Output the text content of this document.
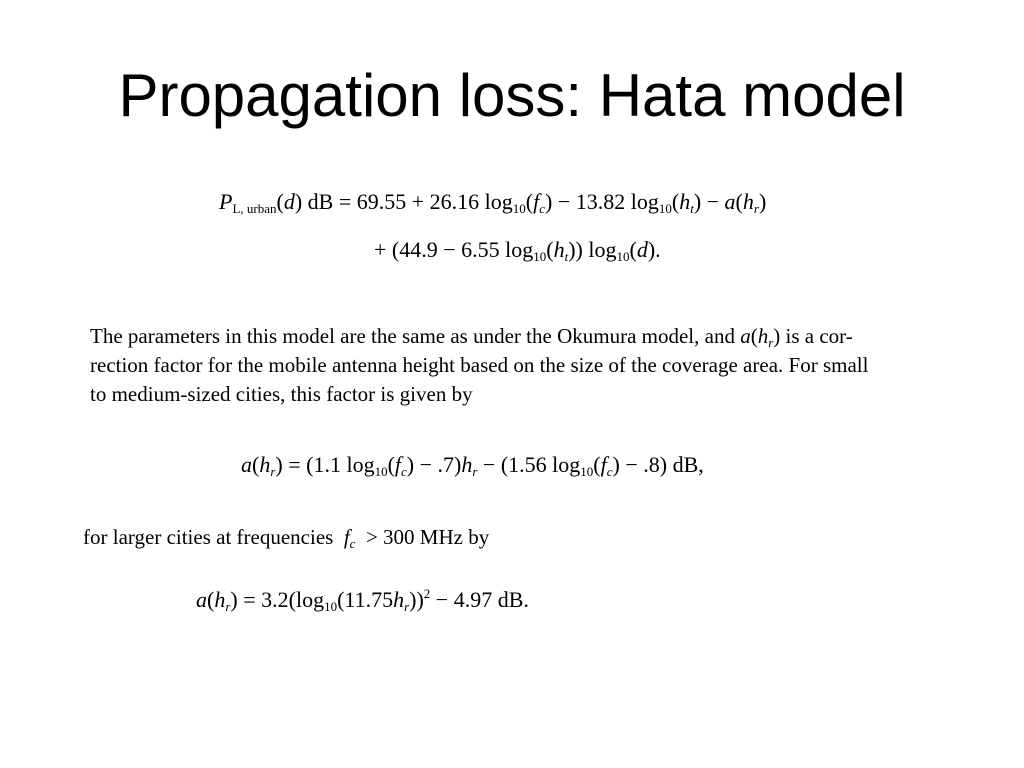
Propagation loss: Hata model
$P_{L, urban}(d)$ dB = 69.55 + 26.16 $\log_{10}(f_c) - 13.82$ $\log_{10}(h_t) - a(h_r)$
+ (44.9 − 6.55 $\log_{10}(h_t)$) $\log_{10}(d)$.

The parameters in this model are the same as under the Okumura model, and $a(h_r)$ is a cor-

rection factor for the mobile antenna height based on the size of the coverage area. For small

to medium-sized cities, this factor is given by

$a(h_r) = (1.1$ $\log_{10}(f_c) - .7)h_r - (1.56$ $\log_{10}(f_c) - .8$) dB,
for larger cities at frequencies $f_c > 300$ MHz by
$a(h_r) = 3.2(\log_{10}(11.75h_r))^2 - 4.97$ dB.
